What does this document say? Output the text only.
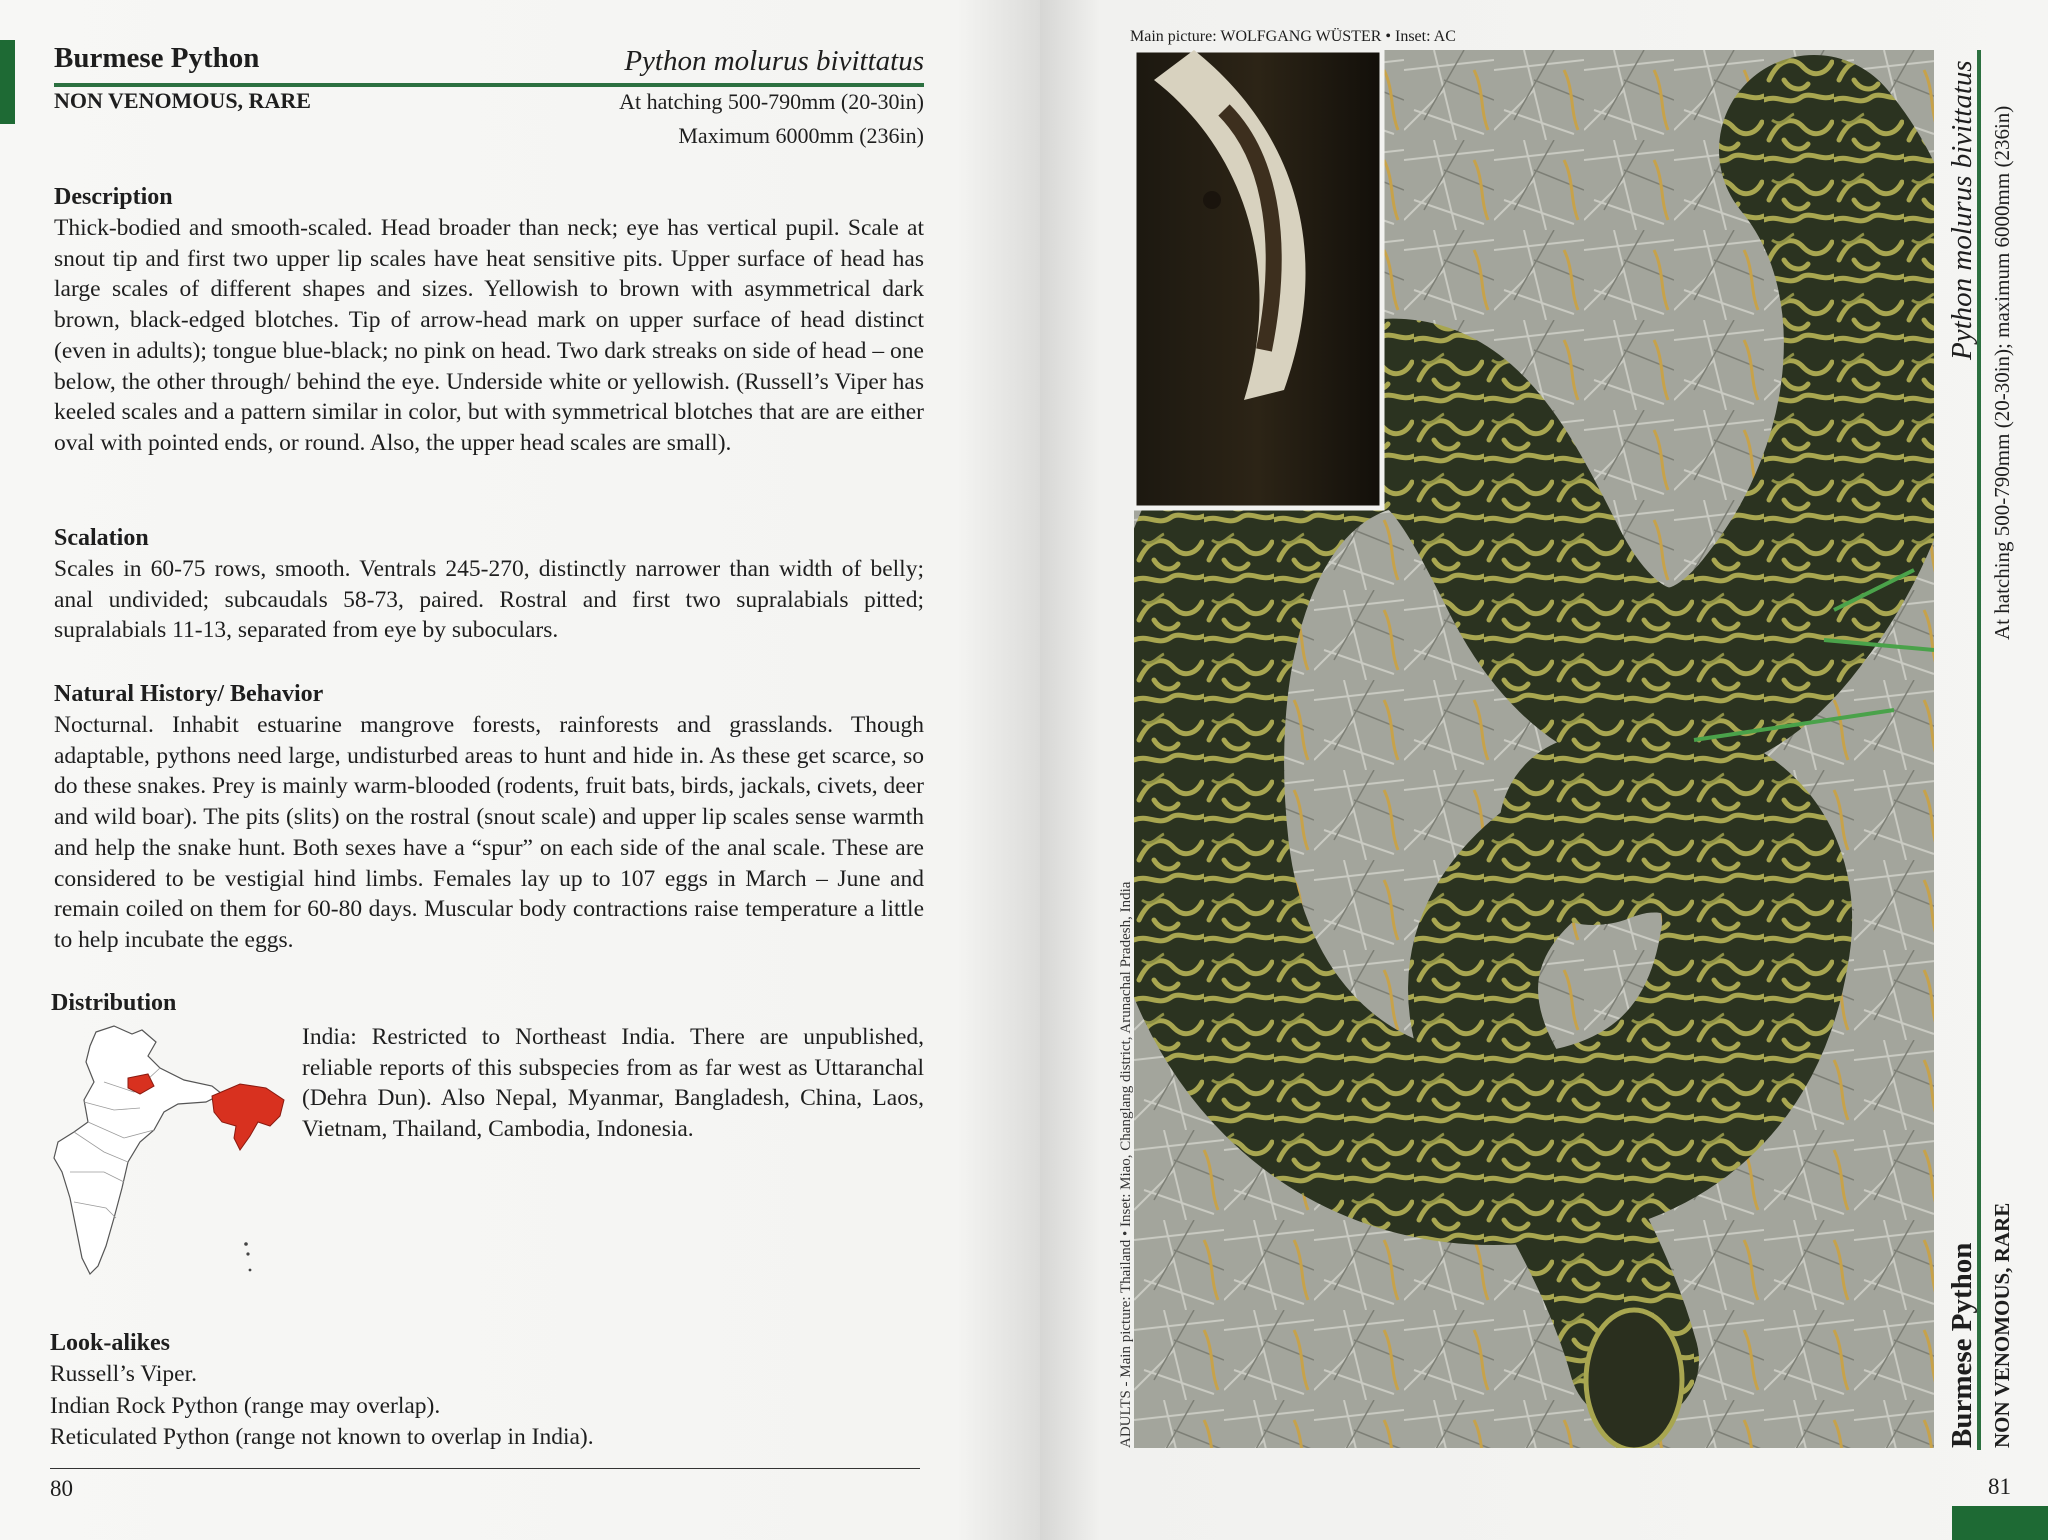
Burmese Python	Python molurus bivittatus
NON VENOMOUS, RARE	At hatching 500-790mm (20-30in)
Maximum 6000mm (236in)
Description

Thick-bodied and smooth-scaled. Head broader than neck; eye has vertical pupil. Scale at snout tip and first two upper lip scales have heat sensitive pits. Upper surface of head has large scales of different shapes and sizes. Yellowish to brown with asymmetrical dark brown, black-edged blotches. Tip of arrow-head mark on upper surface of head distinct (even in adults); tongue blue-black; no pink on head. Two dark streaks on side of head – one below, the other through/ behind the eye. Underside white or yellowish. (Russell’s Viper has keeled scales and a pattern similar in color, but with symmetrical blotches that are are either oval with pointed ends, or round. Also, the upper head scales are small).

Scalation

Scales in 60-75 rows, smooth. Ventrals 245-270, distinctly narrower than width of belly; anal undivided; subcaudals 58-73, paired. Rostral and first two supralabials pitted; supralabials 11-13, separated from eye by suboculars.

Natural History/ Behavior

Nocturnal. Inhabit estuarine mangrove forests, rainforests and grasslands. Though adaptable, pythons need large, undisturbed areas to hunt and hide in. As these get scarce, so do these snakes. Prey is mainly warm-blooded (rodents, fruit bats, birds, jackals, civets, deer and wild boar). The pits (slits) on the rostral (snout scale) and upper lip scales sense warmth and help the snake hunt. Both sexes have a “spur” on each side of the anal scale. These are considered to be vestigial hind limbs. Females lay up to 107 eggs in March – June and remain coiled on them for 60-80 days. Muscular body contractions raise temperature a little to help incubate the eggs.

Distribution
India: Restricted to Northeast India. There are unpublished, reliable reports of this subspecies from as far west as Uttaranchal (Dehra Dun). Also Nepal, Myanmar, Bangladesh, China, Laos, Vietnam, Thailand, Cambodia, Indonesia.
Look-alikes

Russell’s Viper.

Indian Rock Python (range may overlap).

Reticulated Python (range not known to overlap in India).

80
Main picture: WOLFGANG WÜSTER • Inset: AC
ADULTS - Main picture: Thailand • Inset: Miao, Changlang district, Arunachal Pradesh, India
Python molurus bivittatus At hatching 500-790mm (20-30in); maximum 6000mm (236in)
Burmese Python NON VENOMOUS, RARE
81
